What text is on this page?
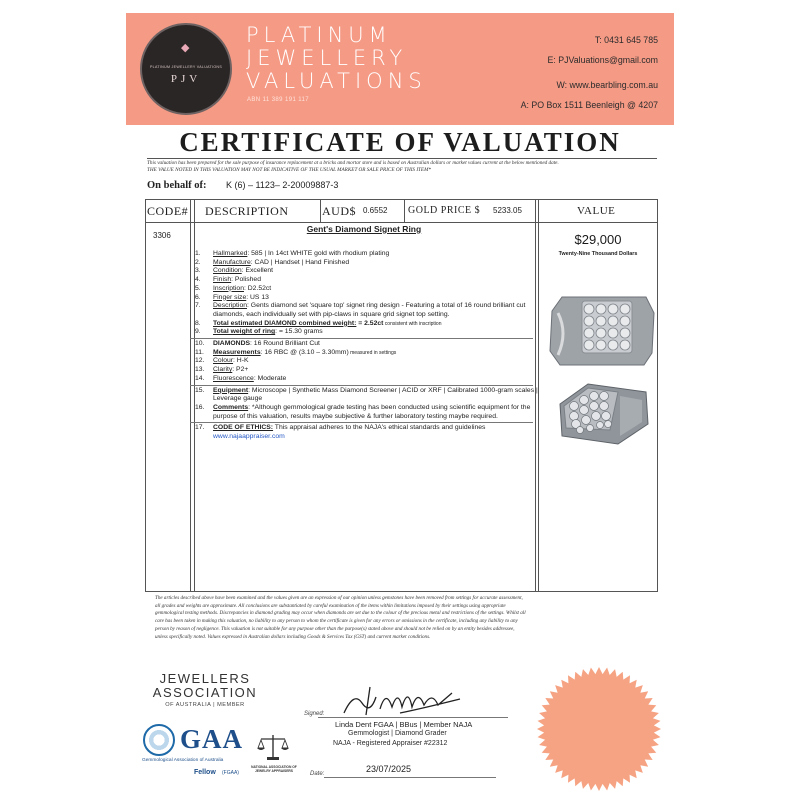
◆
PLATINUM JEWELLERY VALUATIONS
PJV
PLATINUM
JEWELLERY
VALUATIONS
ABN 11 389 191 117
T: 0431 645 785
E: PJValuations@gmail.com
W: www.bearbling.com.au
A: PO Box 1511 Beenleigh @ 4207
CERTIFICATE OF VALUATION
This valuation has been prepared for the sale purpose of insurance replacement at a bricks and mortar store and is based on Australian dollars or market values current at the below mentioned date.
THE VALUE NOTED IN THIS VALUATION MAY NOT BE INDICATIVE OF THE USUAL MARKET OR SALE PRICE OF THIS ITEM*
On behalf of: K (6) – 1123– 2-20009887-3
CODE# DESCRIPTION	AUD$ 0.6552 GOLD PRICE $ 5233.05	VALUE
3306
Gent's Diamond Signet Ring
$29,000
Twenty-Nine Thousand Dollars
1.	Hallmarked: 585 | In 14ct WHITE gold with rhodium plating
2.	Manufacture: CAD | Handset | Hand Finished
3.	Condition: Excellent
4.	Finish: Polished
5.	Inscription: D2.52ct
6.	Finger size: US 13
7.	Description: Gents diamond set 'square top' signet ring design - Featuring a total of 16 round brilliant cut diamonds, each individually set with pip-claws in square grid signet top setting.
8.	Total estimated DIAMOND combined weight: = 2.52ct consistent with inscription
9.	Total weight of ring: = 15.30 grams
10.	DIAMONDS: 16 Round Brilliant Cut
11.	Measurements: 16 RBC @ (3.10 – 3.30mm) measured in settings
12.	Colour: H-K
13.	Clarity: P2+
14.	Fluorescence: Moderate
15.	Equipment: Microscope | Synthetic Mass Diamond Screener | ACID or XRF | Calibrated 1000-gram scales | Leverage gauge
16.	Comments: *Although gemmological grade testing has been conducted using scientific equipment for the purpose of this valuation, results maybe subjective & further laboratory testing maybe required.
17.	CODE OF ETHICS: This appraisal adheres to the NAJA's ethical standards and guidelines
www.najaappraiser.com
The articles described above have been examined and the values given are an expression of our opinion unless gemstones have been removed from settings for accurate assessment, all grades and weights are approximate. All conclusions are substantiated by careful examination of the items within limitations imposed by their settings using appropriate gemmological testing methods. Discrepancies in diamond grading may occur when diamonds are set due to the colour of the precious metal and restrictions of the settings. Whilst all care has been taken in making this valuation, no liability to any person to whom the certificate is given for any errors or omissions in the certificate, including any liability to any person by reason of negligence. This valuation is not suitable for any purpose other than the purpose(s) stated above and should not be relied on by an entity besides addressee, unless specifically noted. Values expressed in Australian dollars including Goods & Services Tax (GST) and current market conditions.
JEWELLERS ASSOCIATION
OF AUSTRALIA | MEMBER
GAA
Gemmological Association of Australia
Fellow (FGAA)
NATIONAL ASSOCIATION OF JEWELRY APPRAISERS
Signed:
Linda Dent FGAA | BBus | Member NAJA
Gemmologist | Diamond Grader
NAJA - Registered Appraiser #22312
Date:	23/07/2025
